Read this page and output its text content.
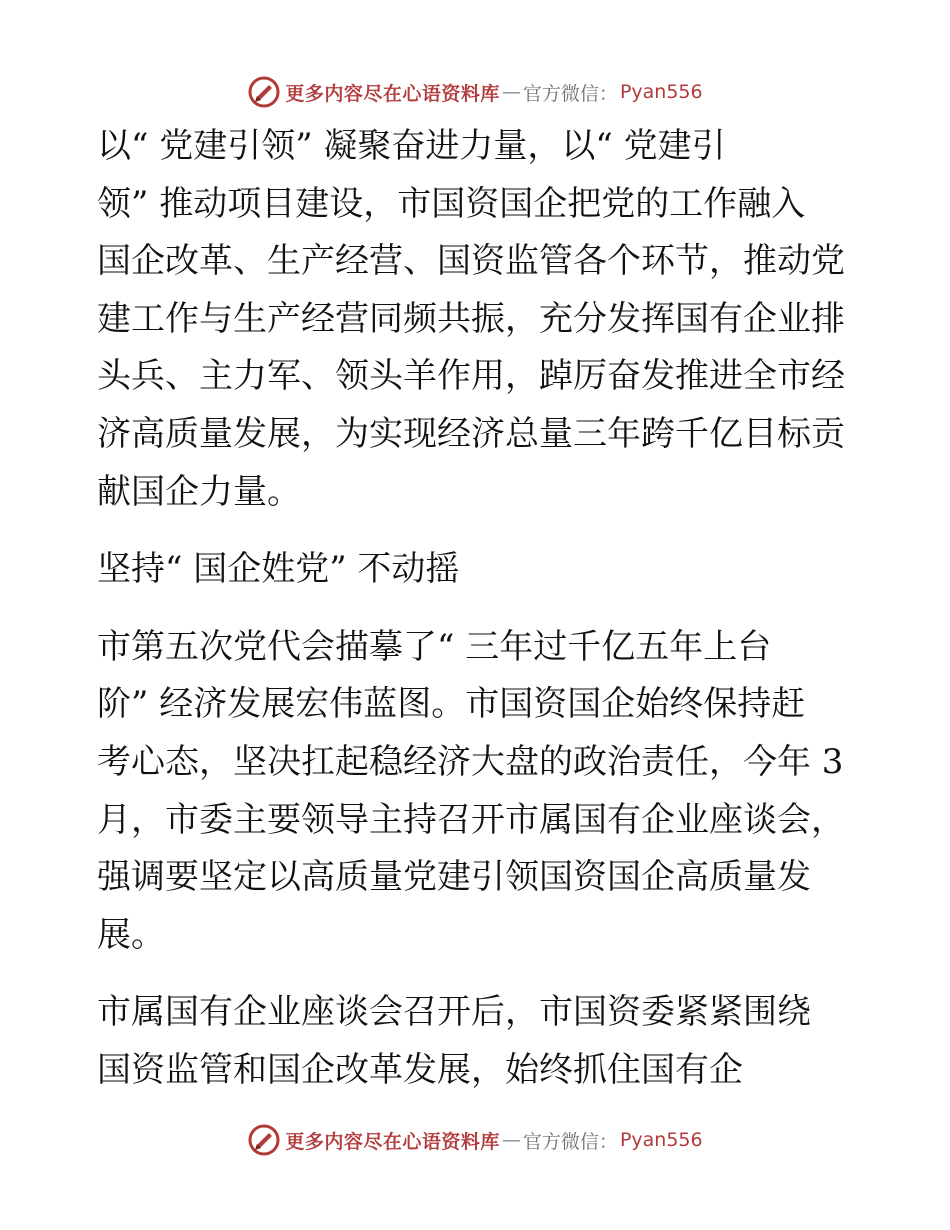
更多内容尽在心语资料库 — 官方微信： Pyan556
以“ 党建引领” 凝聚奋进力量，以“ 党建引
领” 推动项目建设，市国资国企把党的工作融入
国企改革、生产经营、国资监管各个环节，推动党
建工作与生产经营同频共振，充分发挥国有企业排
头兵、主力军、领头羊作用，踔厉奋发推进全市经
济高质量发展，为实现经济总量三年跨千亿目标贡
献国企力量。
坚持“ 国企姓党” 不动摇
市第五次党代会描摹了“ 三年过千亿五年上台
阶” 经济发展宏伟蓝图。市国资国企始终保持赶
考心态，坚决扛起稳经济大盘的政治责任，今年 3
月，市委主要领导主持召开市属国有企业座谈会，
强调要坚定以高质量党建引领国资国企高质量发
展。
市属国有企业座谈会召开后，市国资委紧紧围绕
国资监管和国企改革发展，始终抓住国有企
更多内容尽在心语资料库 — 官方微信： Pyan556
